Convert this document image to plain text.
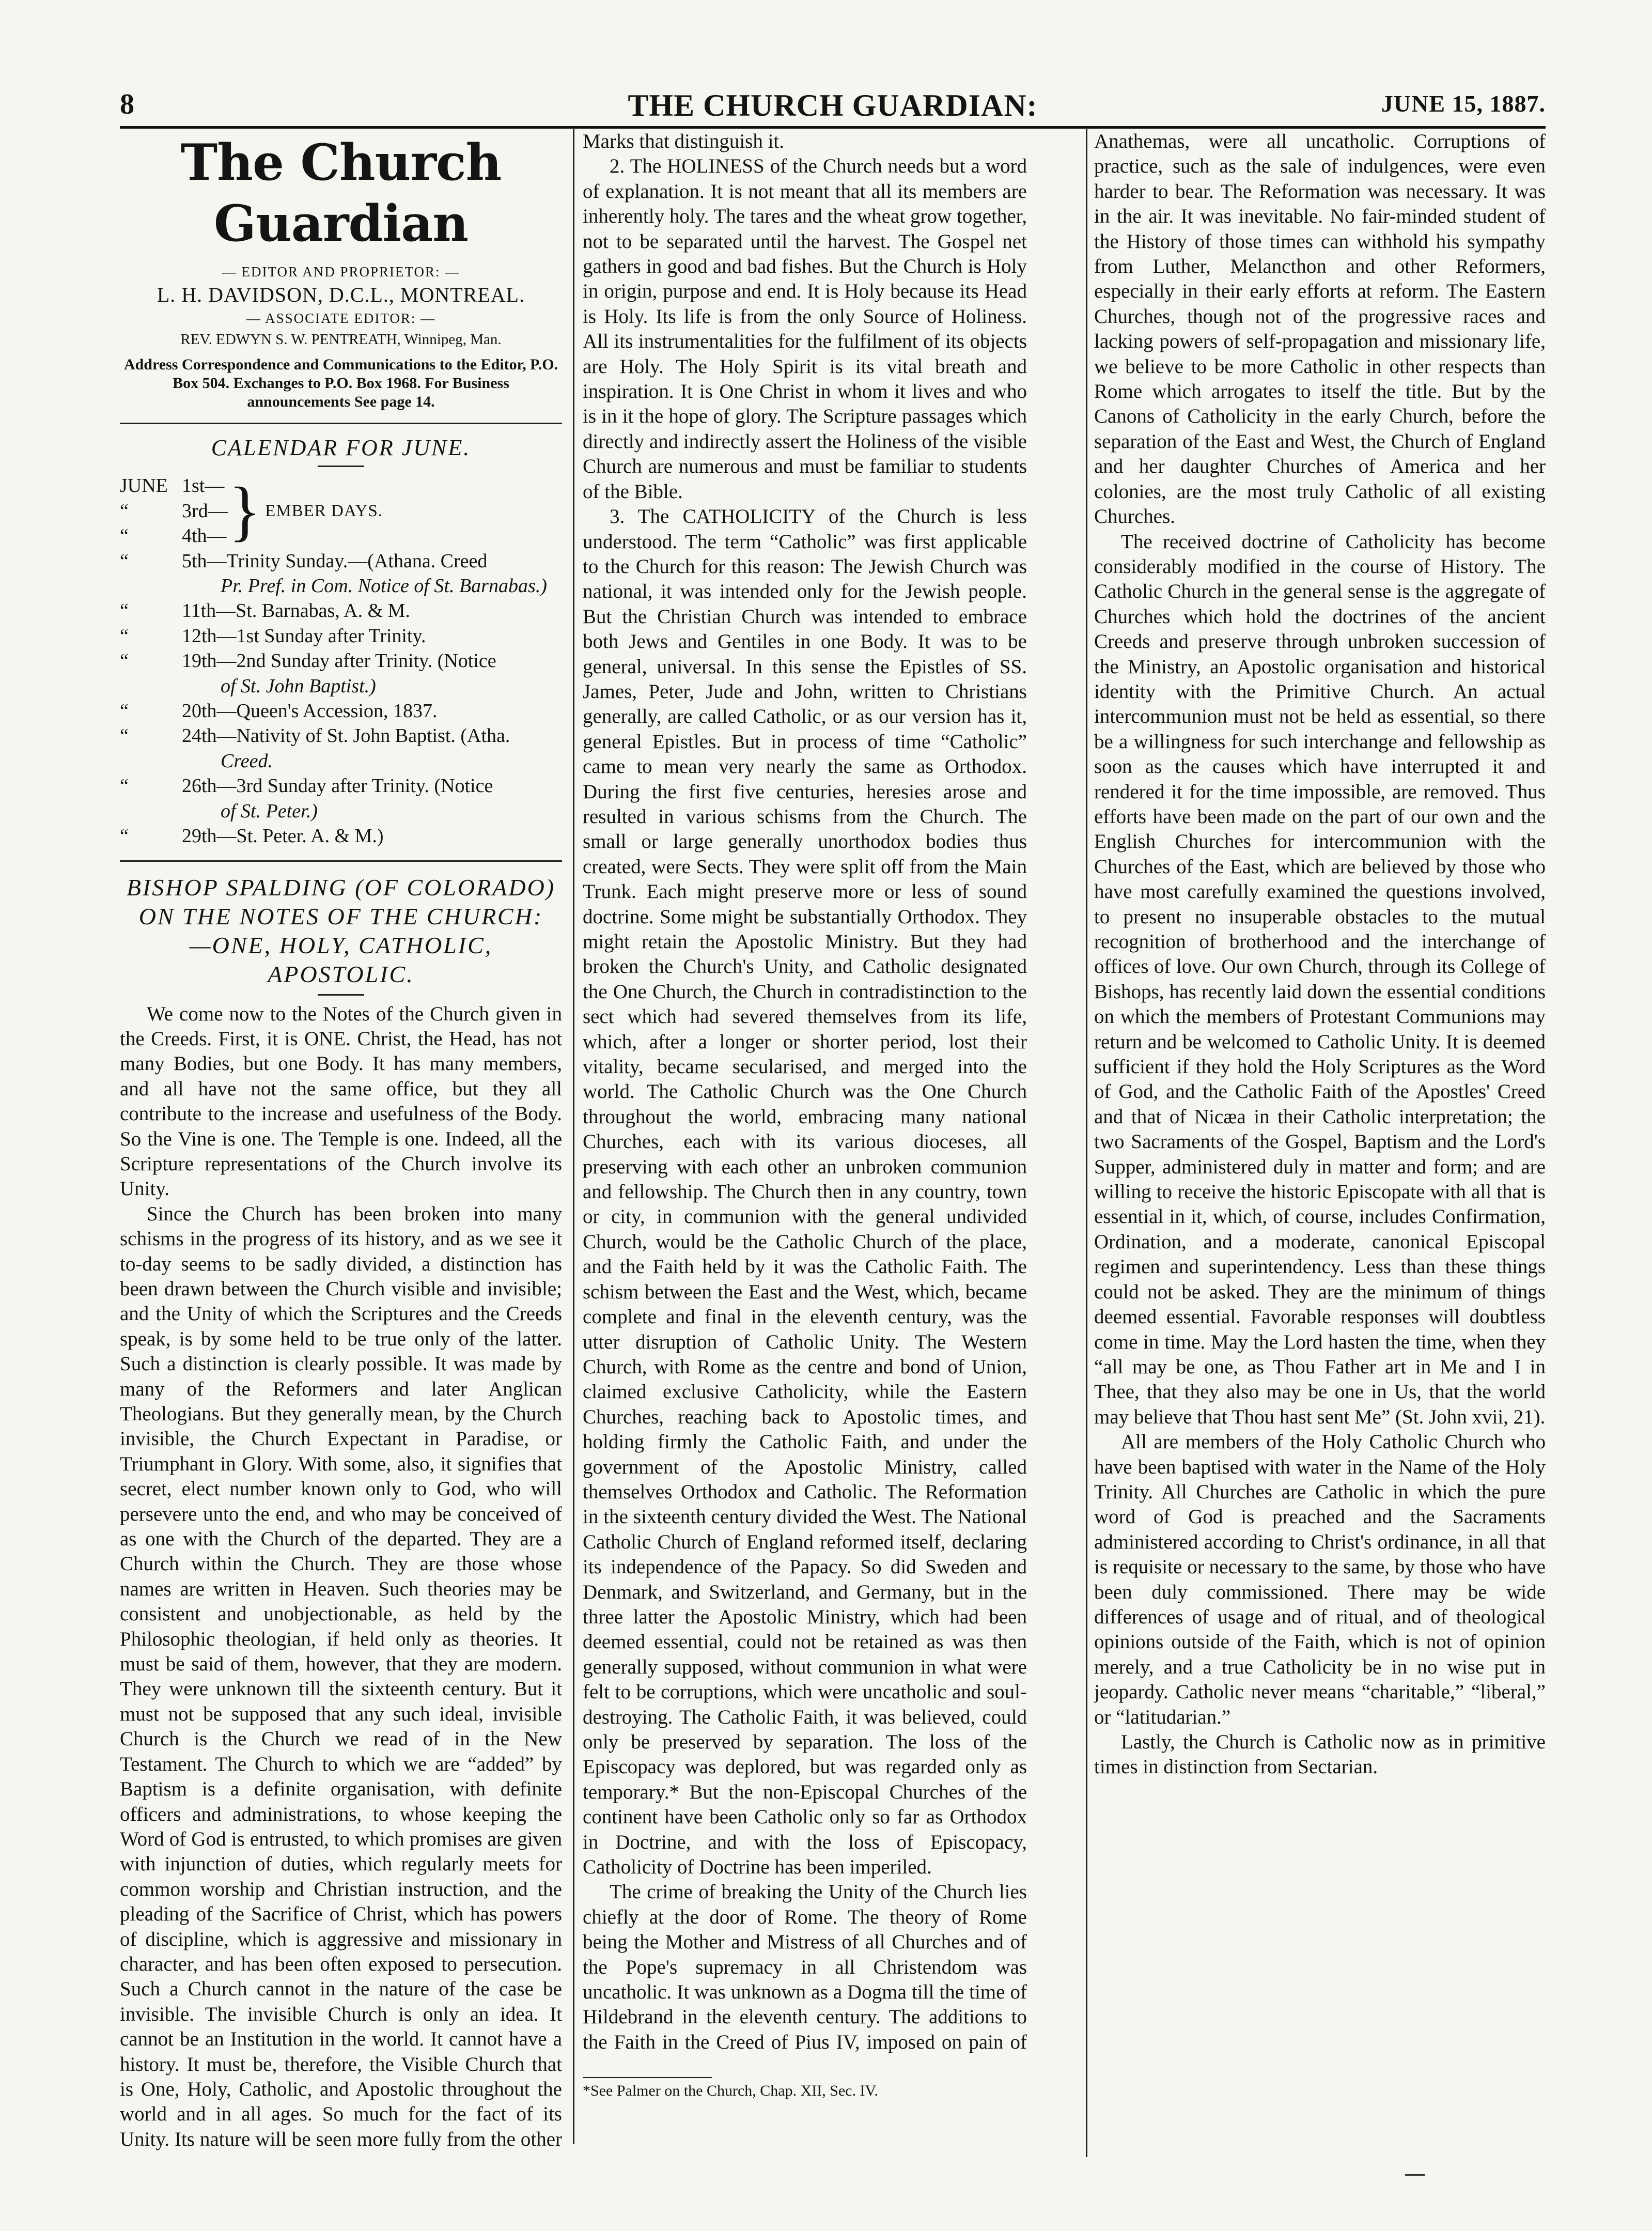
8	THE CHURCH GUARDIAN:	JUNE 15, 1887.
The Church Guardian
— EDITOR AND PROPRIETOR: —
L. H. DAVIDSON, D.C.L., MONTREAL.
— ASSOCIATE EDITOR: —
REV. EDWYN S. W. PENTREATH, Winnipeg, Man.
Address Correspondence and Communications to the Editor, P.O. Box 504. Exchanges to P.O. Box 1968. For Business announcements See page 14.
CALENDAR FOR JUNE.
JUNE 1st—
“	3rd—
“	4th— } EMBER DAYS.
“	5th—Trinity Sunday.—(Athana. Creed
Pr. Pref. in Com. Notice of St. Barnabas.)
“	11th—St. Barnabas, A. & M.
“	12th—1st Sunday after Trinity.
“	19th—2nd Sunday after Trinity. (Notice
of St. John Baptist.)
“	20th—Queen's Accession, 1837.
“	24th—Nativity of St. John Baptist. (Atha.
Creed.
“	26th—3rd Sunday after Trinity. (Notice
of St. Peter.)
“	29th—St. Peter. A. & M.)
BISHOP SPALDING (OF COLORADO)
ON THE NOTES OF THE CHURCH:
—ONE, HOLY, CATHOLIC,
APOSTOLIC.

We come now to the Notes of the Church given in the Creeds. First, it is ONE. Christ, the Head, has not many Bodies, but one Body. It has many members, and all have not the same office, but they all contribute to the increase and usefulness of the Body. So the Vine is one. The Temple is one. Indeed, all the Scripture representations of the Church involve its Unity.

Since the Church has been broken into many schisms in the progress of its history, and as we see it to-day seems to be sadly divided, a distinction has been drawn between the Church visible and invisible; and the Unity of which the Scriptures and the Creeds speak, is by some held to be true only of the latter. Such a distinction is clearly possible. It was made by many of the Reformers and later Anglican Theologians. But they generally mean, by the Church invisible, the Church Expectant in Paradise, or Triumphant in Glory. With some, also, it signifies that secret, elect number known only to God, who will persevere unto the end, and who may be conceived of as one with the Church of the departed. They are a Church within the Church. They are those whose names are written in Heaven. Such theories may be consistent and unobjectionable, as held by the Philosophic theologian, if held only as theories. It must be said of them, however, that they are modern. They were unknown till the sixteenth century. But it must not be supposed that any such ideal, invisible Church is the Church we read of in the New Testament. The Church to which we are “added” by Baptism is a definite organisation, with definite officers and administrations, to whose keeping the Word of God is entrusted, to which promises are given with injunction of duties, which regularly meets for common worship and Christian instruction, and the pleading of the Sacrifice of Christ, which has powers of discipline, which is aggressive and missionary in character, and has been often exposed to persecution. Such a Church cannot in the nature of the case be invisible. The invisible Church is only an idea. It cannot be an Institution in the world. It cannot have a history. It must be, therefore, the Visible Church that is One, Holy, Catholic, and Apostolic throughout the world and in all ages. So much for the fact of its Unity. Its nature will be seen more fully from the other

Marks that distinguish it.

2. The HOLINESS of the Church needs but a word of explanation. It is not meant that all its members are inherently holy. The tares and the wheat grow together, not to be separated until the harvest. The Gospel net gathers in good and bad fishes. But the Church is Holy in origin, purpose and end. It is Holy because its Head is Holy. Its life is from the only Source of Holiness. All its instrumentalities for the fulfilment of its objects are Holy. The Holy Spirit is its vital breath and inspiration. It is One Christ in whom it lives and who is in it the hope of glory. The Scripture passages which directly and indirectly assert the Holiness of the visible Church are numerous and must be familiar to students of the Bible.

3. The CATHOLICITY of the Church is less understood. The term “Catholic” was first applicable to the Church for this reason: The Jewish Church was national, it was intended only for the Jewish people. But the Christian Church was intended to embrace both Jews and Gentiles in one Body. It was to be general, universal. In this sense the Epistles of SS. James, Peter, Jude and John, written to Christians generally, are called Catholic, or as our version has it, general Epistles. But in process of time “Catholic” came to mean very nearly the same as Orthodox. During the first five centuries, heresies arose and resulted in various schisms from the Church. The small or large generally unorthodox bodies thus created, were Sects. They were split off from the Main Trunk. Each might preserve more or less of sound doctrine. Some might be substantially Orthodox. They might retain the Apostolic Ministry. But they had broken the Church's Unity, and Catholic designated the One Church, the Church in contradistinction to the sect which had severed themselves from its life, which, after a longer or shorter period, lost their vitality, became secularised, and merged into the world. The Catholic Church was the One Church throughout the world, embracing many national Churches, each with its various dioceses, all preserving with each other an unbroken communion and fellowship. The Church then in any country, town or city, in communion with the general undivided Church, would be the Catholic Church of the place, and the Faith held by it was the Catholic Faith. The schism between the East and the West, which, became complete and final in the eleventh century, was the utter disruption of Catholic Unity. The Western Church, with Rome as the centre and bond of Union, claimed exclusive Catholicity, while the Eastern Churches, reaching back to Apostolic times, and holding firmly the Catholic Faith, and under the government of the Apostolic Ministry, called themselves Orthodox and Catholic. The Reformation in the sixteenth century divided the West. The National Catholic Church of England reformed itself, declaring its independence of the Papacy. So did Sweden and Denmark, and Switzerland, and Germany, but in the three latter the Apostolic Ministry, which had been deemed essential, could not be retained as was then generally supposed, without communion in what were felt to be corruptions, which were uncatholic and soul-destroying. The Catholic Faith, it was believed, could only be preserved by separation. The loss of the Episcopacy was deplored, but was regarded only as temporary.* But the non-Episcopal Churches of the continent have been Catholic only so far as Orthodox in Doctrine, and with the loss of Episcopacy, Catholicity of Doctrine has been imperiled.

The crime of breaking the Unity of the Church lies chiefly at the door of Rome. The theory of Rome being the Mother and Mistress of all Churches and of the Pope's supremacy in all Christendom was uncatholic. It was unknown as a Dogma till the time of Hildebrand in the eleventh century. The additions to the Faith in the Creed of Pius IV, imposed on pain of

*See Palmer on the Church, Chap. XII, Sec. IV.

Anathemas, were all uncatholic. Corruptions of practice, such as the sale of indulgences, were even harder to bear. The Reformation was necessary. It was in the air. It was inevitable. No fair-minded student of the History of those times can withhold his sympathy from Luther, Melancthon and other Reformers, especially in their early efforts at reform. The Eastern Churches, though not of the progressive races and lacking powers of self-propagation and missionary life, we believe to be more Catholic in other respects than Rome which arrogates to itself the title. But by the Canons of Catholicity in the early Church, before the separation of the East and West, the Church of England and her daughter Churches of America and her colonies, are the most truly Catholic of all existing Churches.

The received doctrine of Catholicity has become considerably modified in the course of History. The Catholic Church in the general sense is the aggregate of Churches which hold the doctrines of the ancient Creeds and preserve through unbroken succession of the Ministry, an Apostolic organisation and historical identity with the Primitive Church. An actual intercommunion must not be held as essential, so there be a willingness for such interchange and fellowship as soon as the causes which have interrupted it and rendered it for the time impossible, are removed. Thus efforts have been made on the part of our own and the English Churches for intercommunion with the Churches of the East, which are believed by those who have most carefully examined the questions involved, to present no insuperable obstacles to the mutual recognition of brotherhood and the interchange of offices of love. Our own Church, through its College of Bishops, has recently laid down the essential conditions on which the members of Protestant Communions may return and be welcomed to Catholic Unity. It is deemed sufficient if they hold the Holy Scriptures as the Word of God, and the Catholic Faith of the Apostles' Creed and that of Nicæa in their Catholic interpretation; the two Sacraments of the Gospel, Baptism and the Lord's Supper, administered duly in matter and form; and are willing to receive the historic Episcopate with all that is essential in it, which, of course, includes Confirmation, Ordination, and a moderate, canonical Episcopal regimen and superintendency. Less than these things could not be asked. They are the minimum of things deemed essential. Favorable responses will doubtless come in time. May the Lord hasten the time, when they “all may be one, as Thou Father art in Me and I in Thee, that they also may be one in Us, that the world may believe that Thou hast sent Me” (St. John xvii, 21).

All are members of the Holy Catholic Church who have been baptised with water in the Name of the Holy Trinity. All Churches are Catholic in which the pure word of God is preached and the Sacraments administered according to Christ's ordinance, in all that is requisite or necessary to the same, by those who have been duly commissioned. There may be wide differences of usage and of ritual, and of theological opinions outside of the Faith, which is not of opinion merely, and a true Catholicity be in no wise put in jeopardy. Catholic never means “charitable,” “liberal,” or “latitudarian.”

Lastly, the Church is Catholic now as in primitive times in distinction from Sectarian.
